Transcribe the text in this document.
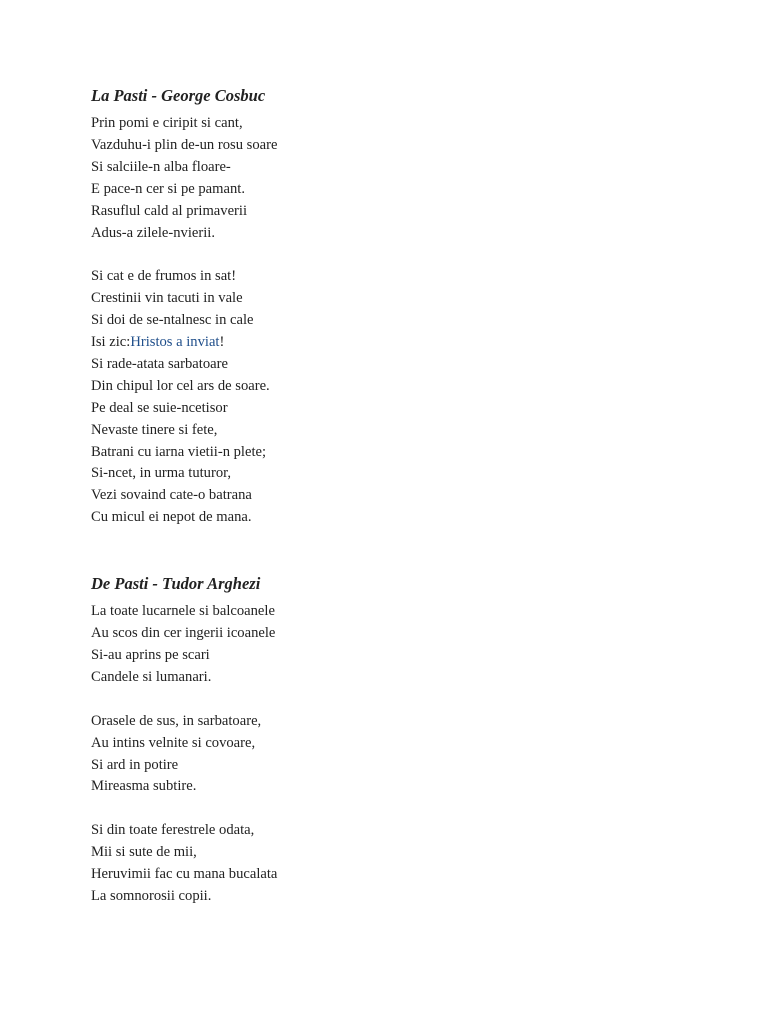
La Pasti - George Cosbuc
Prin pomi e ciripit si cant,
Vazduhu-i plin de-un rosu soare
Si salciile-n alba floare-
E pace-n cer si pe pamant.
Rasuflul cald al primaverii
Adus-a zilele-nvierii.
Si cat e de frumos in sat!
Crestinii vin tacuti in vale
Si doi de se-ntalnesc in cale
Isi zic:Hristos a inviat!
Si rade-atata sarbatoare
Din chipul lor cel ars de soare.
Pe deal se suie-ncetisor
Nevaste tinere si fete,
Batrani cu iarna vietii-n plete;
Si-ncet, in urma tuturor,
Vezi sovaind cate-o batrana
Cu micul ei nepot de mana.
De Pasti - Tudor Arghezi
La toate lucarnele si balcoanele
Au scos din cer ingerii icoanele
Si-au aprins pe scari
Candele si lumanari.
Orasele de sus, in sarbatoare,
Au intins velnite si covoare,
Si ard in potire
Mireasma subtire.
Si din toate ferestrele odata,
Mii si sute de mii,
Heruvimii fac cu mana bucalata
La somnorosii copii.
